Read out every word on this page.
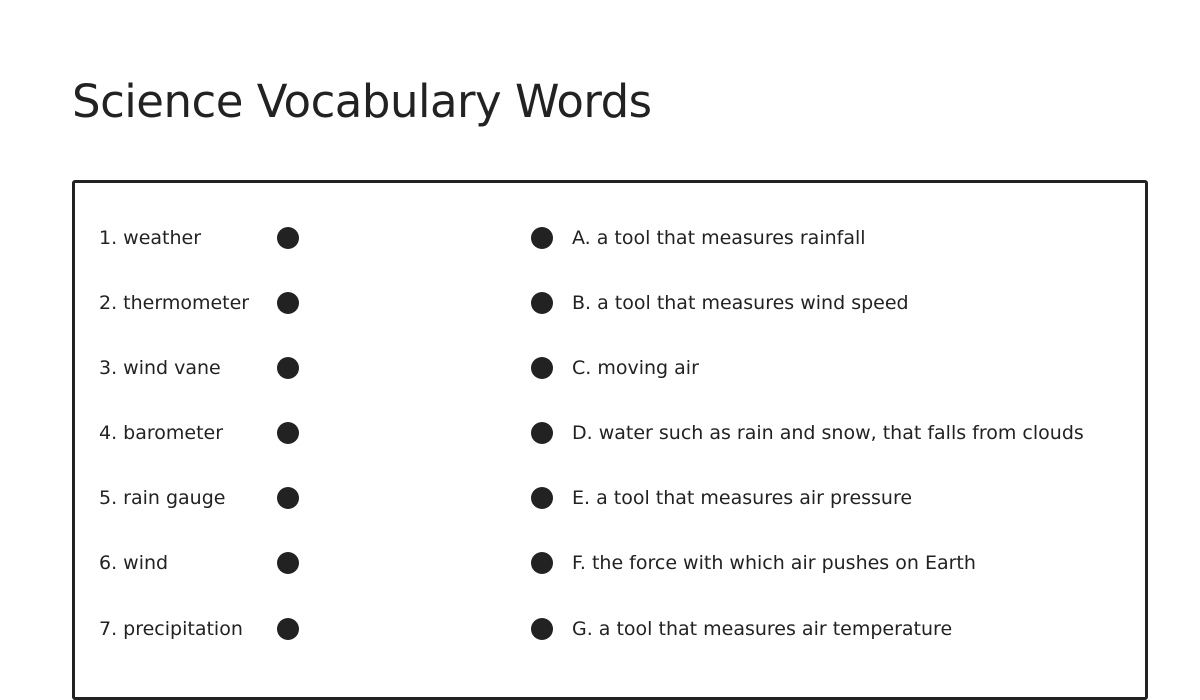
Science Vocabulary Words
1. weather	A. a tool that measures rainfall
2. thermometer	B. a tool that measures wind speed
3. wind vane	C. moving air
4. barometer	D. water such as rain and snow, that falls from clouds
5. rain gauge	E. a tool that measures air pressure
6. wind	F. the force with which air pushes on Earth
7. precipitation	G. a tool that measures air temperature
